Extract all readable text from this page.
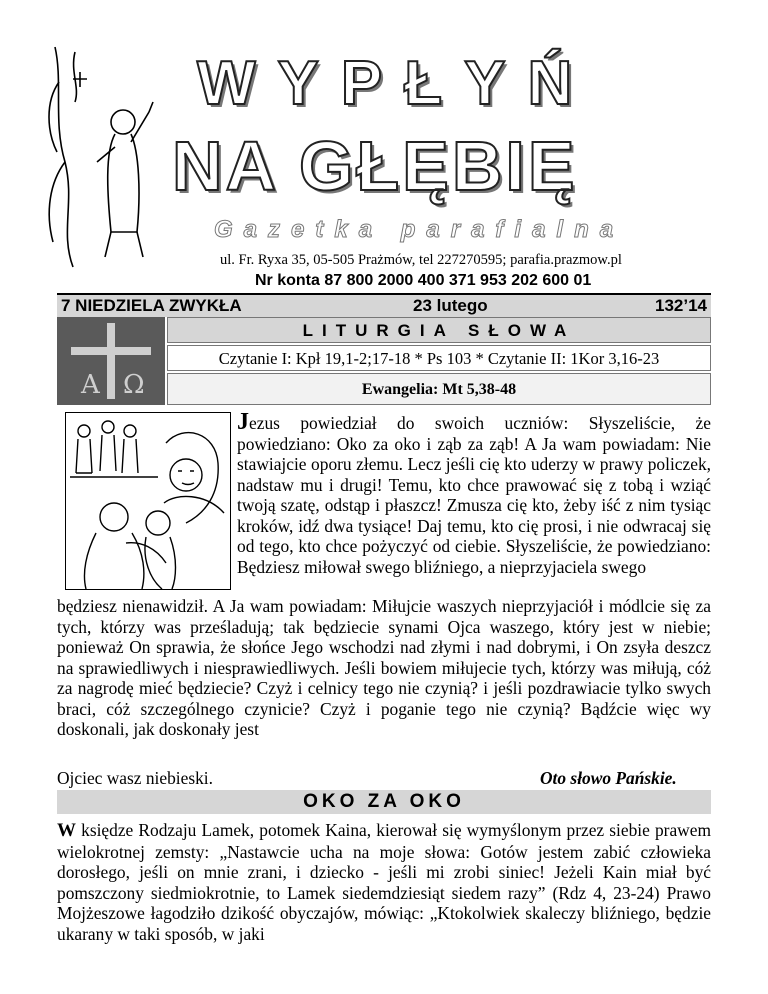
WYPŁYŃ
NA GŁĘBIĘ
Gazetka parafialna
ul. Fr. Ryxa 35, 05-505 Prażmów, tel 227270595; parafia.prazmow.pl
Nr konta 87 800 2000 400 371 953 202 600 01
7 NIEDZIELA ZWYKŁA	23 lutego	132’14
Α Ω
LITURGIA SŁOWA
Czytanie I: Kpł 19,1-2;17-18 * Ps 103 * Czytanie II: 1Kor 3,16-23
Ewangelia: Mt 5,38-48
Jezus powiedział do swoich uczniów: Słyszeliście, że powiedziano: Oko za oko i ząb za ząb! A Ja wam powiadam: Nie stawiajcie oporu złemu. Lecz jeśli cię kto uderzy w prawy policzek, nadstaw mu i drugi! Temu, kto chce prawować się z tobą i wziąć twoją szatę, odstąp i płaszcz! Zmusza cię kto, żeby iść z nim tysiąc kroków, idź dwa tysiące! Daj temu, kto cię prosi, i nie odwracaj się od tego, kto chce pożyczyć od ciebie. Słyszeliście, że powiedziano: Będziesz miłował swego bliźniego, a nieprzyjaciela swego
będziesz nienawidził. A Ja wam powiadam: Miłujcie waszych nieprzyjaciół i módlcie się za tych, którzy was prześladują; tak będziecie synami Ojca waszego, który jest w niebie; ponieważ On sprawia, że słońce Jego wschodzi nad złymi i nad dobrymi, i On zsyła deszcz na sprawiedliwych i niesprawiedliwych. Jeśli bowiem miłujecie tych, którzy was miłują, cóż za nagrodę mieć będziecie? Czyż i celnicy tego nie czynią? i jeśli pozdrawiacie tylko swych braci, cóż szczególnego czynicie? Czyż i poganie tego nie czynią? Bądźcie więc wy doskonali, jak doskonały jest
Ojciec wasz niebieski.	Oto słowo Pańskie.
OKO ZA OKO
W księdze Rodzaju Lamek, potomek Kaina, kierował się wymyślonym przez siebie prawem wielokrotnej zemsty: „Nastawcie ucha na moje słowa: Gotów jestem zabić człowieka dorosłego, jeśli on mnie zrani, i dziecko - jeśli mi zrobi siniec! Jeżeli Kain miał być pomszczony siedmiokrotnie, to Lamek siedemdziesiąt siedem razy” (Rdz 4, 23-24) Prawo Mojżeszowe łagodziło dzikość obyczajów, mówiąc: „Ktokolwiek skaleczy bliźniego, będzie ukarany w taki sposób, w jaki
